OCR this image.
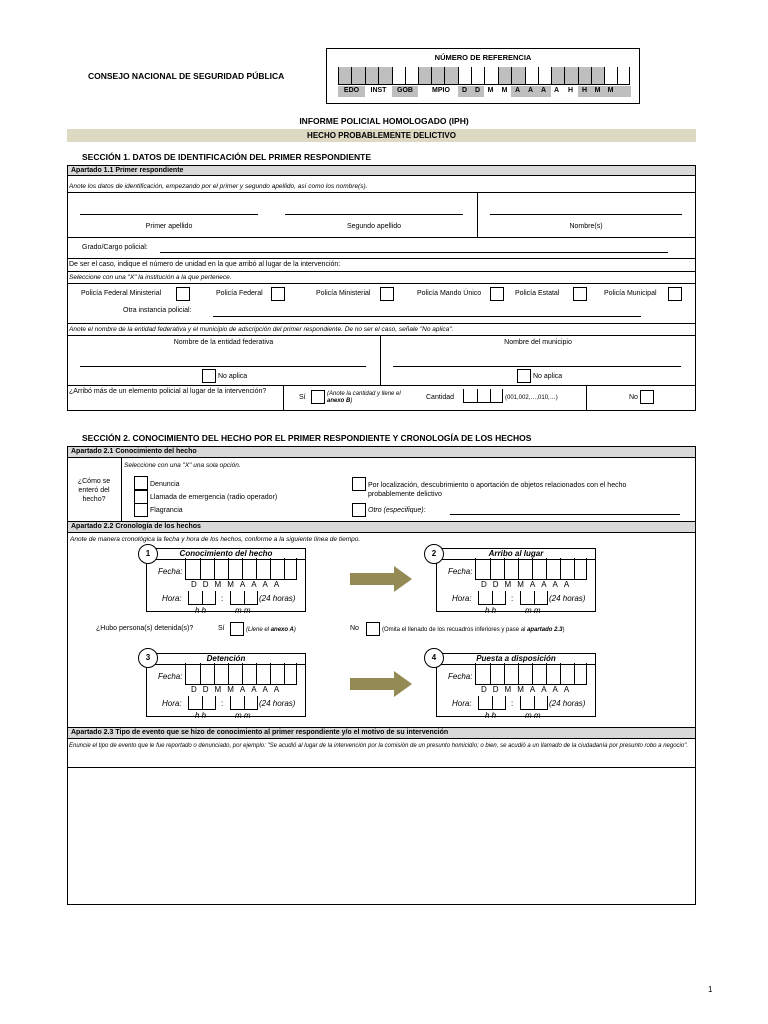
CONSEJO NACIONAL DE SEGURIDAD PÚBLICA
NÚMERO DE REFERENCIA
EDO	INST	GOB	MPIO	D	D	M	M	A	A	A	A	H	H	M	M
INFORME POLICIAL HOMOLOGADO (IPH)
HECHO PROBABLEMENTE DELICTIVO
SECCIÓN 1. DATOS DE IDENTIFICACIÓN DEL PRIMER RESPONDIENTE
Apartado 1.1 Primer respondiente
Anote los datos de identificación, empezando por el primer y segundo apellido, así como los nombre(s).
Primer apellido	Segundo apellido	Nombre(s)
Grado/Cargo policial:
De ser el caso, indique el número de unidad en la que arribó al lugar de la intervención:
Seleccione con una "X" la institución a la que pertenece.
Policía Federal Ministerial	Policía Federal	Policía Ministerial	Policía Mando Único	Policía Estatal	Policía Municipal
Otra instancia policial:
Anote el nombre de la entidad federativa y el municipio de adscripción del primer respondiente. De no ser el caso, señale "No aplica".
Nombre de la entidad federativa	Nombre del municipio
No aplica	No aplica
¿Arribó más de un elemento policial al lugar de la intervención?
Sí	(Anote la cantidad y llene el
anexo B)	Cantidad	(001,002,…,010,…)	No
SECCIÓN 2. CONOCIMIENTO DEL HECHO POR EL PRIMER RESPONDIENTE Y CRONOLOGÍA DE LOS HECHOS
Apartado 2.1 Conocimiento del hecho
Seleccione con una "X" una sola opción.
¿Cómo se enteró del hecho?
Denuncia
Llamada de emergencia (radio operador)
Flagrancia
Por localización, descubrimiento o aportación de objetos relacionados con el hecho probablemente delictivo
Otro (especifique):
Apartado 2.2 Cronología de los hechos
Anote de manera cronológica la fecha y hora de los hechos, conforme a la siguiente línea de tiempo.
Conocimiento del hecho
1
Fecha:
DDMMAAAA
Hora:	:	(24 horas)
h h	m m
Arribo al lugar
2
Fecha:
DDMMAAAA
Hora:	:	(24 horas)
h h	m m
¿Hubo persona(s) detenida(s)?	Sí	(Llene el anexo A)	No	(Omita el llenado de los recuadros inferiores y pase al apartado 2.3)
Detención
3
Fecha:
DDMMAAAA
Hora:	:	(24 horas)
h h	m m
Puesta a disposición
4
Fecha:
DDMMAAAA
Hora:	:	(24 horas)
h h	m m
Apartado 2.3 Tipo de evento que se hizo de conocimiento al primer respondiente y/o el motivo de su intervención
Enuncie el tipo de evento que le fue reportado o denunciado, por ejemplo: "Se acudió al lugar de la intervención por la comisión de un presunto homicidio; o bien, se acudió a un llamado de la ciudadanía por presunto robo a negocio".
1
